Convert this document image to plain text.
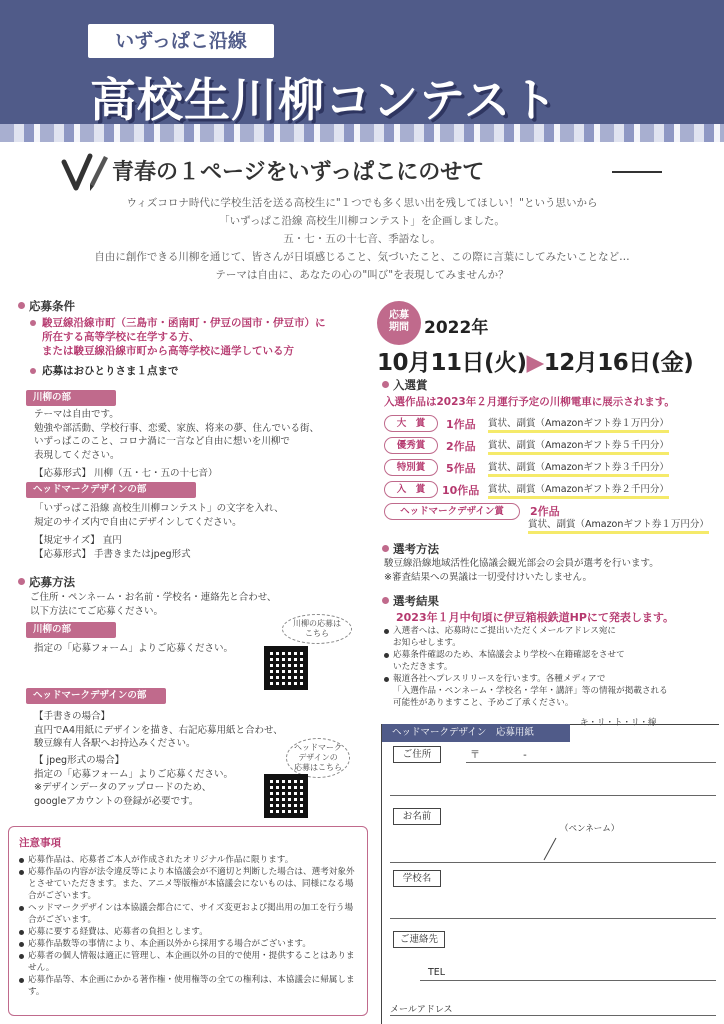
いずっぱこ沿線
高校生川柳コンテスト
青春の１ページをいずっぱこにのせて
ウィズコロナ時代に学校生活を送る高校生に"１つでも多く思い出を残してほしい！"という思いから
「いずっぱこ沿線 高校生川柳コンテスト」を企画しました。
五・七・五の十七音、季語なし。
自由に創作できる川柳を通じて、皆さんが日頃感じること、気づいたこと、この際に言葉にしてみたいことなど…
テーマは自由に、あなたの心の"叫び"を表現してみませんか？
応募条件
駿豆線沿線市町（三島市・函南町・伊豆の国市・伊豆市）に
所在する高等学校に在学する方、
または駿豆線沿線市町から高等学校に通学している方
応募はおひとりさま１点まで
川柳の部
テーマは自由です。
勉強や部活動、学校行事、恋愛、家族、将来の夢、住んでいる街、
いずっぱこのこと、コロナ渦に一言など自由に想いを川柳で
表現してください。
【応募形式】 川柳（五・七・五の十七音）
ヘッドマークデザインの部
「いずっぱこ沿線 高校生川柳コンテスト」の文字を入れ、
規定のサイズ内で自由にデザインしてください。
【規定サイズ】 直円
【応募形式】 手書きまたはjpeg形式
応募方法
ご住所・ペンネーム・お名前・学校名・連絡先と合わせ、
以下方法にてご応募ください。
川柳の部
指定の「応募フォーム」よりご応募ください。
川柳の応募は
こちら
ヘッドマークデザインの部
【手書きの場合】
直円でA4用紙にデザインを描き、右記応募用紙と合わせ、
駿豆線有人各駅へお持込みください。
【 jpeg形式の場合】
指定の「応募フォーム」よりご応募ください。
※デザインデータのアップロードのため、
googleアカウントの登録が必要です。
ヘッドマーク
デザインの
応募はこちら
注意事項
応募作品は、応募者ご本人が作成されたオリジナル作品に限ります。
応募作品の内容が法令違反等により本協議会が不適切と判断した場合は、選考対象外とさせていただきます。また、アニメ等版権が本協議会にないものは、同様になる場合がございます。
ヘッドマークデザインは本協議会都合にて、サイズ変更および掲出用の加工を行う場合がございます。
応募に要する経費は、応募者の負担とします。
応募作品数等の事情により、本企画以外から採用する場合がございます。
応募者の個人情報は適正に管理し、本企画以外の目的で使用・提供することはありません。
応募作品等、本企画にかかる著作権・使用権等の全ての権利は、本協議会に帰属します。
応募
期間 2022年
10月11日(火)▶12月16日(金)
入選賞
入選作品は2023年２月運行予定の川柳電車に展示されます。
大　賞	1作品 賞状、副賞（Amazonギフト券１万円分）
優秀賞	2作品 賞状、副賞（Amazonギフト券５千円分）
特別賞	5作品 賞状、副賞（Amazonギフト券３千円分）
入　賞	10作品 賞状、副賞（Amazonギフト券２千円分）
ヘッドマークデザイン賞	2作品
賞状、副賞（Amazonギフト券１万円分）
選考方法
駿豆線沿線地域活性化協議会観光部会の会員が選考を行います。
※審査結果への異議は一切受付けいたしません。
選考結果
2023年１月中旬頃に伊豆箱根鉄道HPにて発表します。
入選者へは、応募時にご提出いただくメールアドレス宛に
お知らせします。
応募条件確認のため、本協議会より学校へ在籍確認をさせて
いただきます。
報道各社へプレスリリースを行います。各種メディアで
「入選作品・ペンネーム・学校名・学年・講評」等の情報が掲載される
可能性がありますこと、予めご了承ください。
キ・リ・ト・リ・線
ヘッドマークデザイン　応募用紙
ご住所	〒　　　　 -
お名前
（ペンネーム）
学校名
ご連絡先
TEL
メールアドレス
